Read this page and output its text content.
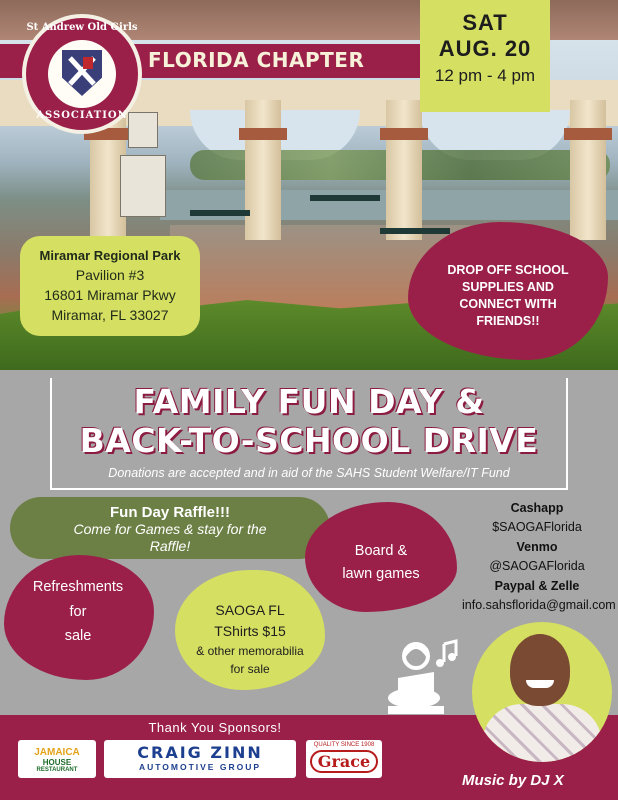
FLORIDA CHAPTER
St Andrew Old Girls
ASSOCIATION
SAT
AUG. 20
12 pm - 4 pm
Miramar Regional Park
Pavilion #3
16801 Miramar Pkwy
Miramar, FL 33027
DROP OFF SCHOOL
SUPPLIES AND
CONNECT WITH
FRIENDS!!
FAMILY FUN DAY &
BACK-TO-SCHOOL DRIVE
Donations are accepted and in aid of the SAHS Student Welfare/IT Fund
Fun Day Raffle!!!
Come for Games & stay for the
Raffle!	Board &
lawn games
Refreshments
for
sale
SAOGA FL
TShirts $15
& other memorabilia
for sale
Cashapp
$SAOGAFlorida
Venmo
@SAOGAFlorida
Paypal & Zelle
info.sahsflorida@gmail.com
Thank You Sponsors!
JAMAICA
HOUSE
RESTAURANT
CRAIG ZINN
AUTOMOTIVE GROUP
QUALITY SINCE 1908
Grace
Music by DJ X
